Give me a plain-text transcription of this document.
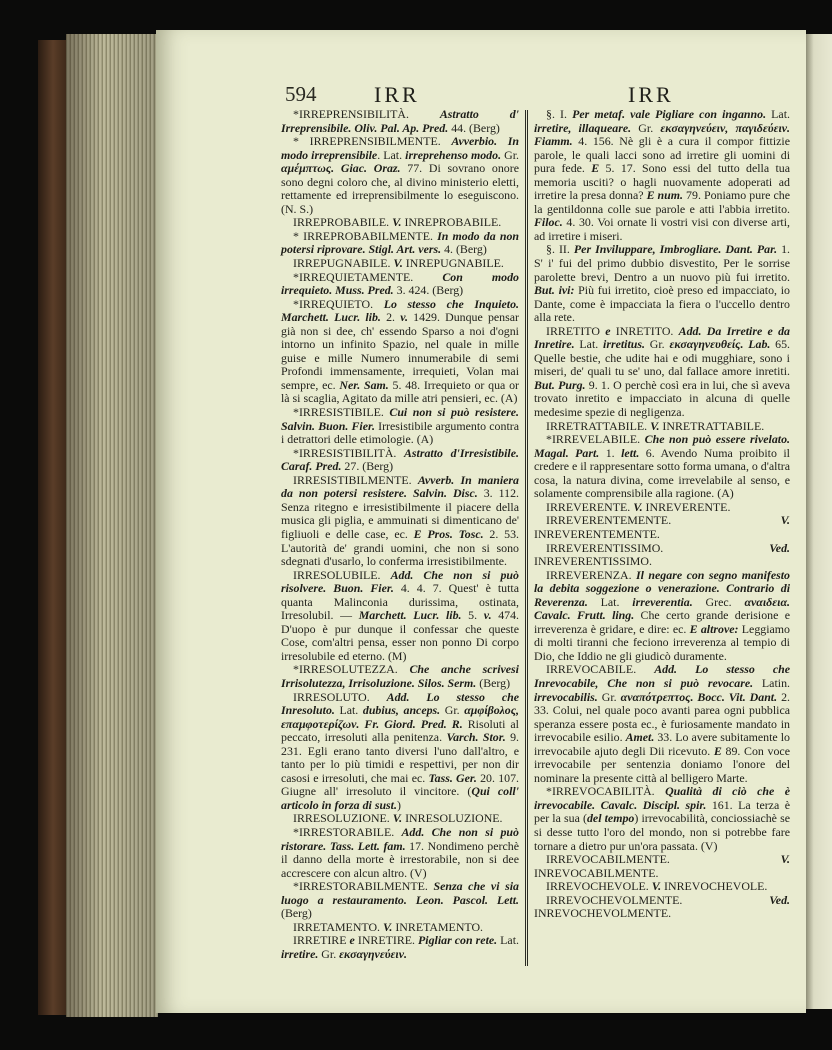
594	IRR	IRR

*IRREPRENSIBILITÀ. Astratto d' Irreprensibile. Oliv. Pal. Ap. Pred. 44. (Berg)

* IRREPRENSIBILMENTE. Avverbio. In modo irreprensibile. Lat. irreprehenso modo. Gr. αμέμπτως. Giac. Oraz. 77. Di sovrano onore sono degni coloro che, al divino ministerio eletti, rettamente ed irreprensibilmente lo eseguiscono. (N. S.)

IRREPROBABILE. V. INREPROBABILE.

* IRREPROBABILMENTE. In modo da non potersi riprovare. Stigl. Art. vers. 4. (Berg)

IRREPUGNABILE. V. INREPUGNABILE.

*IRREQUIETAMENTE. Con modo irrequieto. Muss. Pred. 3. 424. (Berg)

*IRREQUIETO. Lo stesso che Inquieto. Marchett. Lucr. lib. 2. v. 1429. Dunque pensar già non si dee, ch' essendo Sparso a noi d'ogni intorno un infinito Spazio, nel quale in mille guise e mille Numero innumerabile di semi Profondi immensamente, irrequieti, Volan mai sempre, ec. Ner. Sam. 5. 48. Irrequieto or qua or là si scaglia, Agitato da mille atri pensieri, ec. (A)

*IRRESISTIBILE. Cui non si può resistere. Salvin. Buon. Fier. Irresistibile argumento contra i detrattori delle etimologie. (A)

*IRRESISTIBILITÀ. Astratto d'Irresistibile. Caraf. Pred. 27. (Berg)

IRRESISTIBILMENTE. Avverb. In maniera da non potersi resistere. Salvin. Disc. 3. 112. Senza ritegno e irresistibilmente il piacere della musica gli piglia, e ammuinati si dimenticano de' figliuoli e delle case, ec. E Pros. Tosc. 2. 53. L'autorità de' grandi uomini, che non si sono sdegnati d'usarlo, lo conferma irresistibilmente.

IRRESOLUBILE. Add. Che non si può risolvere. Buon. Fier. 4. 4. 7. Quest' è tutta quanta Malinconia durissima, ostinata, Irresolubil. — Marchett. Lucr. lib. 5. v. 474. D'uopo è pur dunque il confessar che queste Cose, com'altri pensa, esser non ponno Di corpo irresolubile ed eterno. (M)

*IRRESOLUTEZZA. Che anche scrivesi Irrisolutezza, Irrisoluzione. Silos. Serm. (Berg)

IRRESOLUTO. Add. Lo stesso che Inresoluto. Lat. dubius, anceps. Gr. αμφίβολος, επαμφοτερίζων. Fr. Giord. Pred. R. Risoluti al peccato, irresoluti alla penitenza. Varch. Stor. 9. 231. Egli erano tanto diversi l'uno dall'altro, e tanto per lo più timidi e respettivi, per non dir casosi e irresoluti, che mai ec. Tass. Ger. 20. 107. Giugne all' irresoluto il vincitore. (Qui coll' articolo in forza di sust.)

IRRESOLUZIONE. V. INRESOLUZIONE.

*IRRESTORABILE. Add. Che non si può ristorare. Tass. Lett. fam. 17. Nondimeno perchè il danno della morte è irrestorabile, non si dee accrescere con alcun altro. (V)

*IRRESTORABILMENTE. Senza che vi sia luogo a restauramento. Leon. Pascol. Lett. (Berg)

IRRETAMENTO. V. INRETAMENTO.

IRRETIRE e INRETIRE. Pigliar con rete. Lat. irretire. Gr. εκσαγηνεύειν.

§. I. Per metaf. vale Pigliare con inganno. Lat. irretire, illaqueare. Gr. εκσαγηνεύειν, παγιδεύειν. Fiamm. 4. 156. Nè gli è a cura il compor fittizie parole, le quali lacci sono ad irretire gli uomini di pura fede. E 5. 17. Sono essi del tutto della tua memoria usciti? o hagli nuovamente adoperati ad irretire la presa donna? E num. 79. Poniamo pure che la gentildonna colle sue parole e atti l'abbia irretito. Filoc. 4. 30. Voi ornate li vostri visi con diverse arti, ad irretire i miseri.

§. II. Per Inviluppare, Imbrogliare. Dant. Par. 1. S' i' fui del primo dubbio disvestito, Per le sorrise parolette brevi, Dentro a un nuovo più fui irretito. But. ivi: Più fui irretito, cioè preso ed impacciato, io Dante, come è impacciata la fiera o l'uccello dentro alla rete.

IRRETITO e INRETITO. Add. Da Irretire e da Inretire. Lat. irretitus. Gr. εκσαγηνευθείς. Lab. 65. Quelle bestie, che udite hai e odi mugghiare, sono i miseri, de' quali tu se' uno, dal fallace amore inretiti. But. Purg. 9. 1. O perchè così era in lui, che sì aveva trovato inretito e impacciato in alcuna di quelle medesime spezie di negligenza.

IRRETRATTABILE. V. INRETRATTABILE.

*IRREVELABILE. Che non può essere rivelato. Magal. Part. 1. lett. 6. Avendo Numa proibito il credere e il rappresentare sotto forma umana, o d'altra cosa, la natura divina, come irrevelabile al senso, e solamente comprensibile alla ragione. (A)

IRREVERENTE. V. INREVERENTE.

IRREVERENTEMENTE. V. INREVERENTEMENTE.

IRREVERENTISSIMO. Ved. INREVERENTISSIMO.

IRREVERENZA. Il negare con segno manifesto la debita soggezione o venerazione. Contrario di Reverenza. Lat. irreverentia. Grec. αναιδεια. Cavalc. Frutt. ling. Che certo grande derisione e irreverenza è gridare, e dire: ec. E altrove: Leggiamo di molti tiranni che feciono irreverenza al tempio di Dio, che Iddio ne gli giudicò duramente.

IRREVOCABILE. Add. Lo stesso che Inrevocabile, Che non si può revocare. Latin. irrevocabilis. Gr. αναπότρεπτος. Bocc. Vit. Dant. 2. 33. Colui, nel quale poco avanti parea ogni pubblica speranza essere posta ec., è furiosamente mandato in irrevocabile esilio. Amet. 33. Lo avere subitamente lo irrevocabile ajuto degli Dii ricevuto. E 89. Con voce irrevocabile per sentenzia doniamo l'onore del nominare la presente città al belligero Marte.

*IRREVOCABILITÀ. Qualità di ciò che è irrevocabile. Cavalc. Discipl. spir. 161. La terza è per la sua (del tempo) irrevocabilità, conciossiachè se si desse tutto l'oro del mondo, non si potrebbe fare tornare a dietro pur un'ora passata. (V)

IRREVOCABILMENTE. V. INREVOCABILMENTE.

IRREVOCHEVOLE. V. INREVOCHEVOLE.

IRREVOCHEVOLMENTE. Ved. INREVOCHEVOLMENTE.
